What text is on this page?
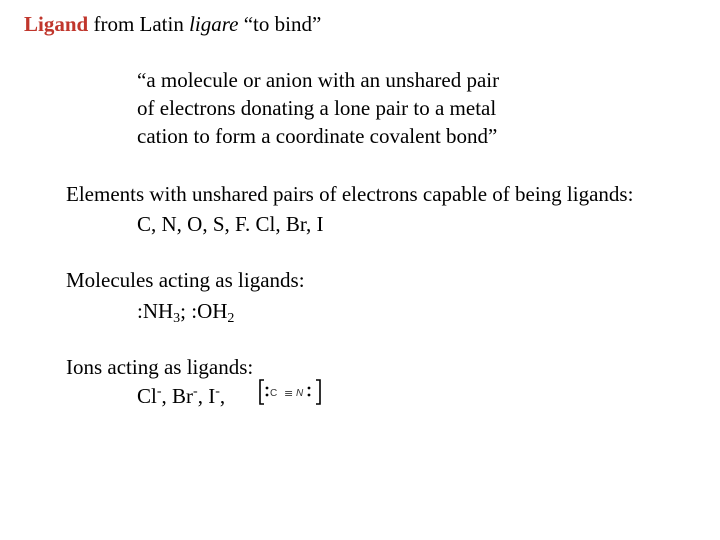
Ligand from Latin ligare “to bind”
“a molecule or anion with an unshared pair
of electrons donating a lone pair to a metal
cation to form a coordinate covalent bond”
Elements with unshared pairs of electrons capable of being ligands:
C, N, O, S, F. Cl, Br, I
Molecules acting as ligands:
$:NH_3$; $:OH_2$
Ions acting as ligands:
Cl-, Br-, I-,	C ≡ N
